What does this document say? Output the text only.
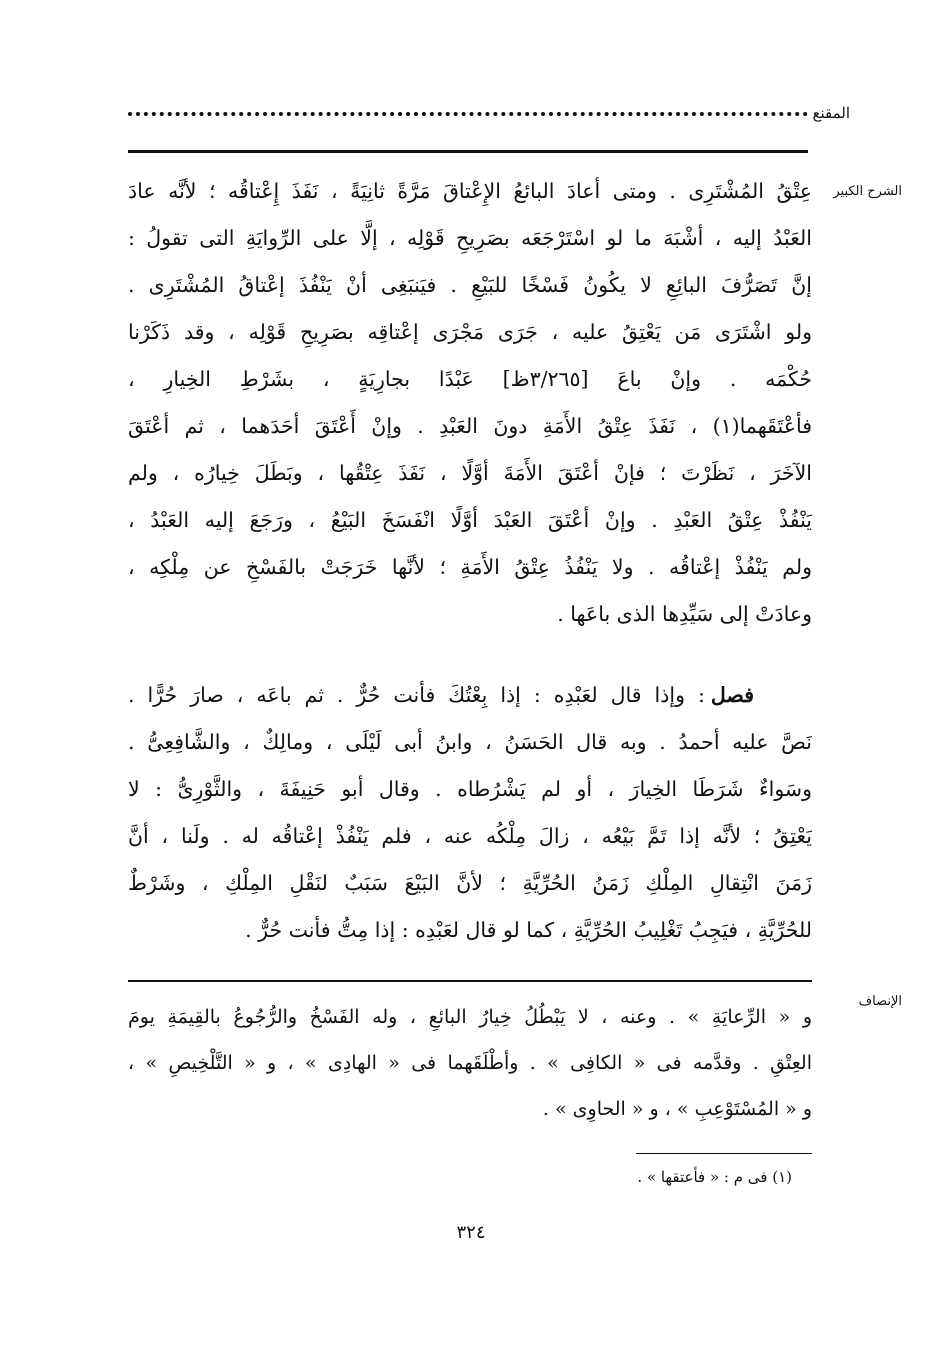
المقنع
الشرح الكبير
عِتْقُ المُشْتَرِى . ومتى أعادَ البائعُ الإِعْتاقَ مَرَّةً ثانِيَةً ، نَفَذَ إِعْتاقُه ؛ لأنَّه عادَ
العَبْدُ إليه ، أشْبَهَ ما لو اسْتَرْجَعَه بصَرِيحِ قَوْلِه ، إلَّا على الرِّوايَةِ التى تقولُ :
إنَّ تَصَرُّفَ البائِعِ لا يكُونُ فَسْخًا للبَيْعِ . فيَنبَغِى أنْ يَنْفُذَ إعْتاقُ المُشْتَرِى .
ولو اشْتَرَى مَن يَعْتِقُ عليه ، جَرَى مَجْرَى إعْتاقِه بصَرِيحِ قَوْلِه ، وقد ذَكَرْنا
حُكْمَه . وإنْ باعَ [٣/٢٦٥ظ] عَبْدًا بجارِيَةٍ ، بشَرْطِ الخِيارِ ،
فأعْتَقَهما(١) ، نَفَذَ عِتْقُ الأَمَةِ دونَ العَبْدِ . وإنْ أَعْتَقَ أحَدَهما ، ثم أعْتَقَ
الآخَرَ ، نَظَرْتَ ؛ فإنْ أعْتَقَ الأَمَةَ أوَّلًا ، نَفَذَ عِتْقُها ، وبَطَلَ خِيارُه ، ولم
يَنْفُذْ عِتْقُ العَبْدِ . وإنْ أعْتَقَ العَبْدَ أوَّلًا انْفَسَخَ البَيْعُ ، ورَجَعَ إليه العَبْدُ ،
ولم يَنْفُذْ إعْتاقُه . ولا يَنْفُذُ عِتْقُ الأَمَةِ ؛ لأنَّها خَرَجَتْ بالفَسْخِ عن مِلْكِه ،
وعادَتْ إلى سَيِّدِها الذى باعَها .
فصل: وإذا قال لعَبْدِه : إذا بِعْتُكَ فأنت حُرٌّ . ثم باعَه ، صارَ حُرًّا .
نَصَّ عليه أحمدُ . وبه قال الحَسَنُ ، وابنُ أبى لَيْلَى ، ومالِكٌ ، والشَّافِعِىُّ .
وسَواءٌ شَرَطَا الخِيارَ ، أو لم يَشْرُطاه . وقال أبو حَنِيفَةَ ، والثَّوْرِىُّ : لا
يَعْتِقُ ؛ لأنَّه إذا تَمَّ بَيْعُه ، زالَ مِلْكُه عنه ، فلم يَنْفُذْ إعْتاقُه له . ولَنا ، أنَّ
زَمَنَ انْتِقالِ المِلْكِ زَمَنُ الحُرِّيَّةِ ؛ لأنَّ البَيْعَ سَبَبٌ لنَقْلِ المِلْكِ ، وشَرْطٌ
للحُرِّيَّةِ ، فيَجِبُ تَغْلِيبُ الحُرِّيَّةِ ، كما لو قال لعَبْدِه : إذا مِتُّ فأنت حُرٌّ .
الإنصاف
و « الرِّعايَةِ » . وعنه ، لا يَبْطُلُ خِيارُ البائعِ ، وله الفَسْخُ والرُّجُوعُ بالقِيمَةِ يومَ
العِتْقِ . وقدَّمه فى « الكافِى » . وأطْلَقَهما فى « الهادِى » ، و « التَّلْخِيصِ » ،
و « المُسْتَوْعِبِ » ، و « الحاوِى » .
(١) فى م : « فأعتقها » .
٣٢٤
